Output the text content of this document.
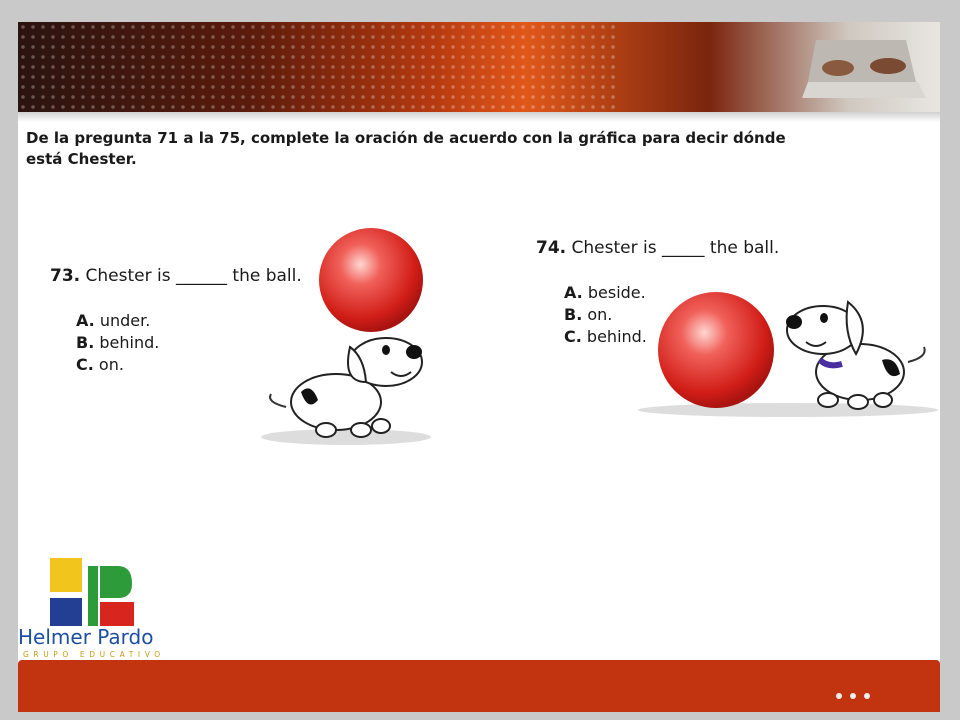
De la pregunta 71 a la 75, complete la oración de acuerdo con la gráfica para decir dónde está Chester.
73. Chester is ______ the ball.
A. under.
B. behind.
C. on.
74. Chester is _____ the ball.
A. beside.
B. on.
C. behind.
Helmer Pardo
GRUPO EDUCATIVO
